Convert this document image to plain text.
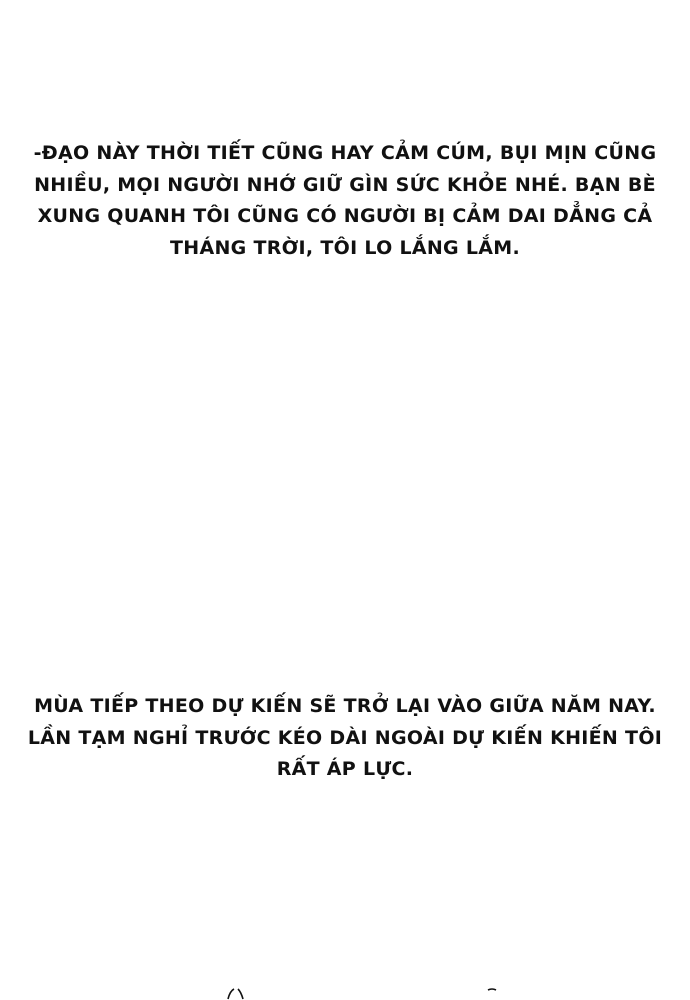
-ĐẠO NÀY THỜI TIẾT CŨNG HAY CẢM CÚM, BỤI MỊN CŨNG
NHIỀU, MỌI NGƯỜI NHỚ GIỮ GÌN SỨC KHỎE NHÉ. BẠN BÈ
XUNG QUANH TÔI CŨNG CÓ NGƯỜI BỊ CẢM DAI DẲNG CẢ
THÁNG TRỜI, TÔI LO LẮNG LẮM.
MÙA TIẾP THEO DỰ KIẾN SẼ TRỞ LẠI VÀO GIỮA NĂM NAY.
LẦN TẠM NGHỈ TRƯỚC KÉO DÀI NGOÀI DỰ KIẾN KHIẾN TÔI
RẤT ÁP LỰC.
